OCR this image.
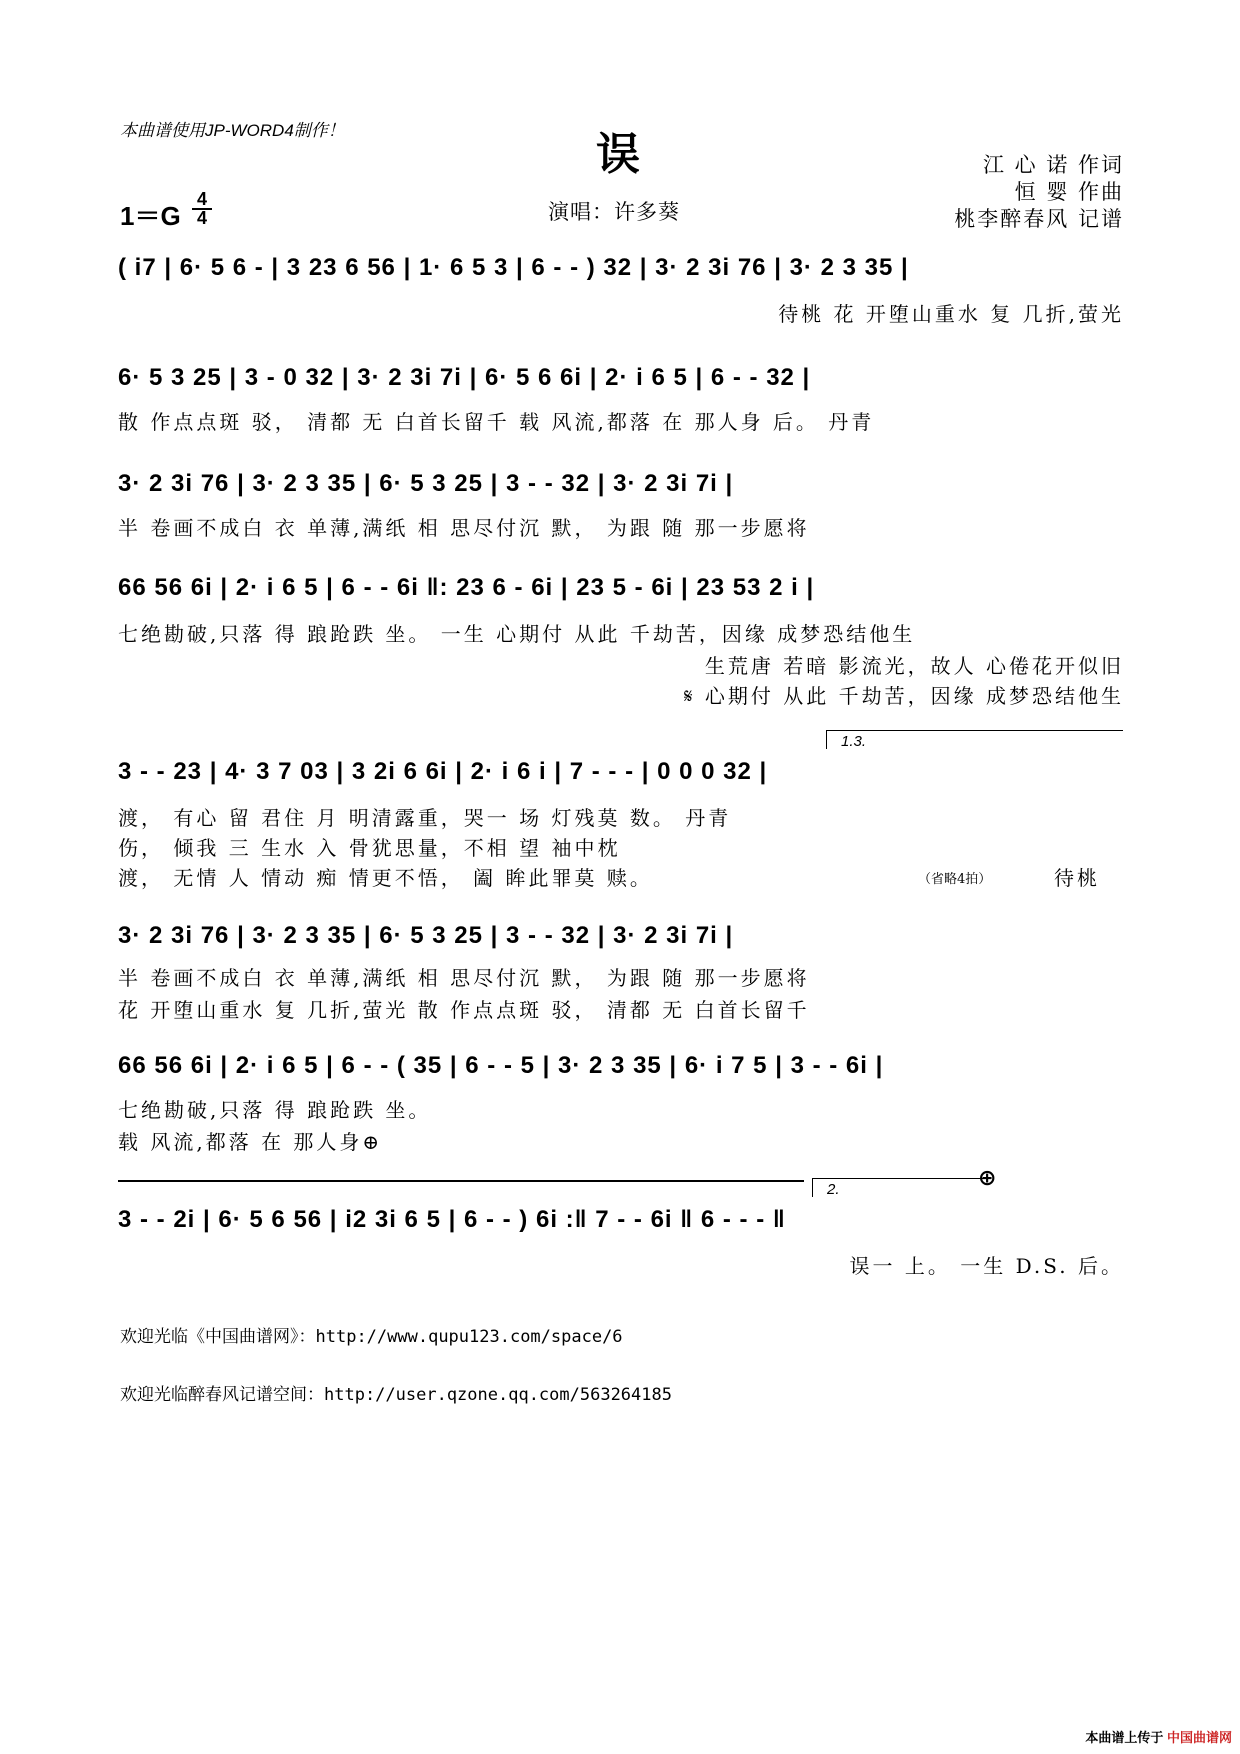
本曲谱使用JP-WORD4制作！	误	江 心 诺 作词
恒 婴 作曲
桃李醉春风 记谱
1＝G
4
4	演唱：许多葵
( i7 | 6· 5 6 - | 3 23 6 56 | 1· 6 5 3 | 6 - - ) 32 | 3· 2 3i 76 | 3· 2 3 35 |
待桃 花 开堕山重水 复 几折,萤光
6· 5 3 25 | 3 - 0 32 | 3· 2 3i 7i | 6· 5 6 6i | 2· i 6 5 | 6 - - 32 |
散 作点点斑 驳， 清都 无 白首长留千 载 风流,都落 在 那人身 后。 丹青
3· 2 3i 76 | 3· 2 3 35 | 6· 5 3 25 | 3 - - 32 | 3· 2 3i 7i |
半 卷画不成白 衣 单薄,满纸 相 思尽付沉 默， 为跟 随 那一步愿将
66 56 6i | 2· i 6 5 | 6 - - 6i ‖: 23 6 - 6i | 23 5 - 6i | 23 53 2 i |
七绝勘破,只落 得 踉跄跌 坐。 一生 心期付 从此 千劫苦，因缘 成梦恐结他生
生荒唐 若暗 影流光，故人 心倦花开似旧
𝄋 心期付 从此 千劫苦，因缘 成梦恐结他生
1.3.
3 - - 23 | 4· 3 7 03 | 3 2i 6 6i | 2· i 6 i | 7 - - - | 0 0 0 32 |
渡， 有心 留 君住 月 明清露重，哭一 场 灯残莫 数。 丹青
伤， 倾我 三 生水 入 骨犹思量，不相 望 袖中枕
渡， 无情 人 情动 痴 情更不悟， 阖 眸此罪莫 赎。	（省略4拍）	待桃
3· 2 3i 76 | 3· 2 3 35 | 6· 5 3 25 | 3 - - 32 | 3· 2 3i 7i |
半 卷画不成白 衣 单薄,满纸 相 思尽付沉 默， 为跟 随 那一步愿将
花 开堕山重水 复 几折,萤光 散 作点点斑 驳， 清都 无 白首长留千
66 56 6i | 2· i 6 5 | 6 - - ( 35 | 6 - - 5 | 3· 2 3 35 | 6· i 7 5 | 3 - - 6i |
七绝勘破,只落 得 踉跄跌 坐。
载 风流,都落 在 那人身⊕
2.	⊕
3 - - 2i | 6· 5 6 56 | i2 3i 6 5 | 6 - - ) 6i :‖ 7 - - 6i ‖ 6 - - - ‖
误一 上。 一生 D.S. 后。
欢迎光临《中国曲谱网》：http://www.qupu123.com/space/6
欢迎光临醉春风记谱空间：http://user.qzone.qq.com/563264185
本曲谱上传于 中国曲谱网
